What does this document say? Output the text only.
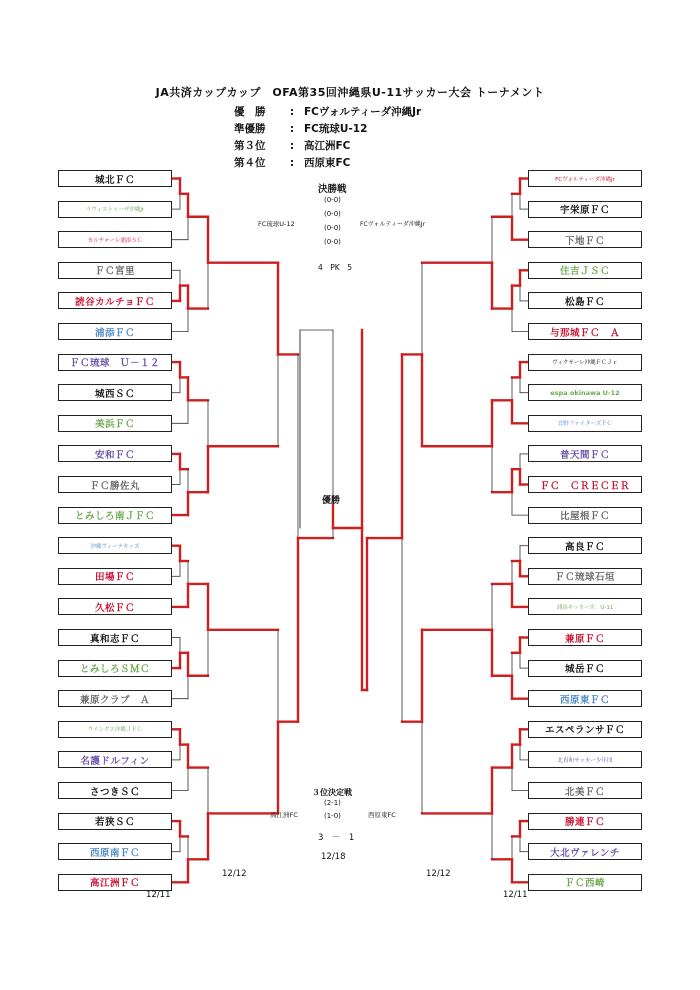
JA共済カップカップ　OFA第35回沖縄県U-11サッカー大会 トーナメント
優　勝 : FCヴォルティーダ沖縄Jr
準優勝 : FC琉球U-12
第３位 : 高江洲FC
第４位 : 西原東FC
城北ＦＣ
ラヴィストゥーザ沖縄Jr
カルチャーレ浦添ＳＣ
ＦＣ宮里
読谷カルチョＦＣ
浦添ＦＣ
ＦＣ琉球　Ｕ－１２
城西ＳＣ
美浜ＦＣ
安和ＦＣ
ＦＣ勝佐丸
とみしろ南ＪＦＣ
沖縄ヴィーテキッズ
田場ＦＣ
久松ＦＣ
真和志ＦＣ
とみしろＳＭＣ
兼原クラブ　Ａ
ウイングス沖縄ＪＦＣ
名護ドルフィン
さつきＳＣ
若狭ＳＣ
西原南ＦＣ
高江洲ＦＣ
FCヴォルティーダ沖縄Jr
宇栄原ＦＣ
下地ＦＣ
住吉ＪＳＣ
松島ＦＣ
与那城ＦＣ　Ａ
ヴィクサーレ沖縄ＦＣＪｒ
espa okinawa U-12
宜野ファイターズＦＣ
普天間ＦＣ
ＦＣ　ＣＲＥＣＥＲ
比屋根ＦＣ
高良ＦＣ
ＦＣ琉球石垣
浦添キッカーズ　U-11
兼原ＦＣ
城岳ＦＣ
西原東ＦＣ
エスペランサＦＣ
北真和サッカー少年団
北美ＦＣ
勝連ＦＣ
大北ヴァレンチ
ＦＣ西崎
決勝戦
(0-0)
(0-0)
(0-0)
(0-0)
FC琉球U-12	FCヴォルティーダ沖縄Jr
4　PK　5
優勝
３位決定戦
(2-1)
(1-0)
高江洲FC	西原東FC
3　－　1
12/18
12/12
12/11
12/12
12/11
